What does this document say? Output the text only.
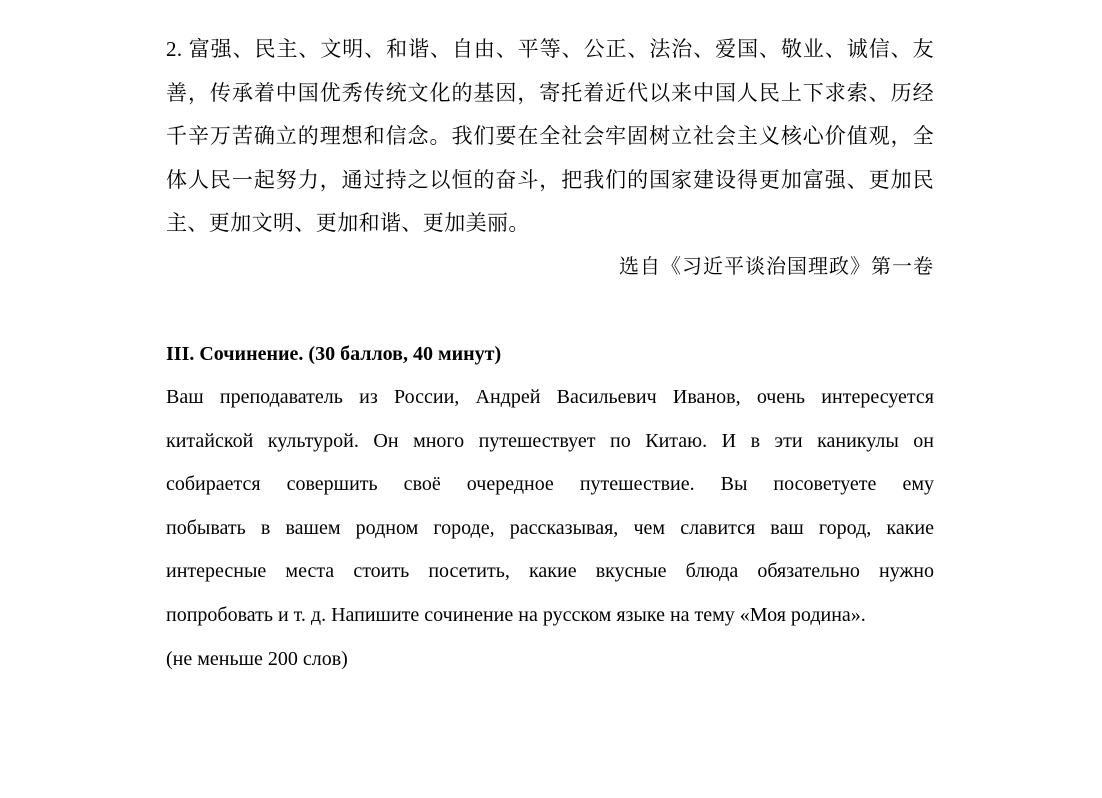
2. 富强、民主、文明、和谐、自由、平等、公正、法治、爱国、敬业、诚信、友善，传承着中国优秀传统文化的基因，寄托着近代以来中国人民上下求索、历经千辛万苦确立的理想和信念。我们要在全社会牢固树立社会主义核心价值观，全体人民一起努力，通过持之以恒的奋斗，把我们的国家建设得更加富强、更加民主、更加文明、更加和谐、更加美丽。

选自《习近平谈治国理政》第一卷

III. Сочинение. (30 баллов, 40 минут)

Ваш преподаватель из России, Андрей Васильевич Иванов, очень интересуется
китайской культурой. Он много путешествует по Китаю. И в эти каникулы он
собирается совершить своё очередное путешествие. Вы посоветуете ему
побывать в вашем родном городе, рассказывая, чем славится ваш город, какие
интересные места стоить посетить, какие вкусные блюда обязательно нужно
попробовать и т. д. Напишите сочинение на русском языке на тему «Моя родина».

(не меньше 200 слов)
